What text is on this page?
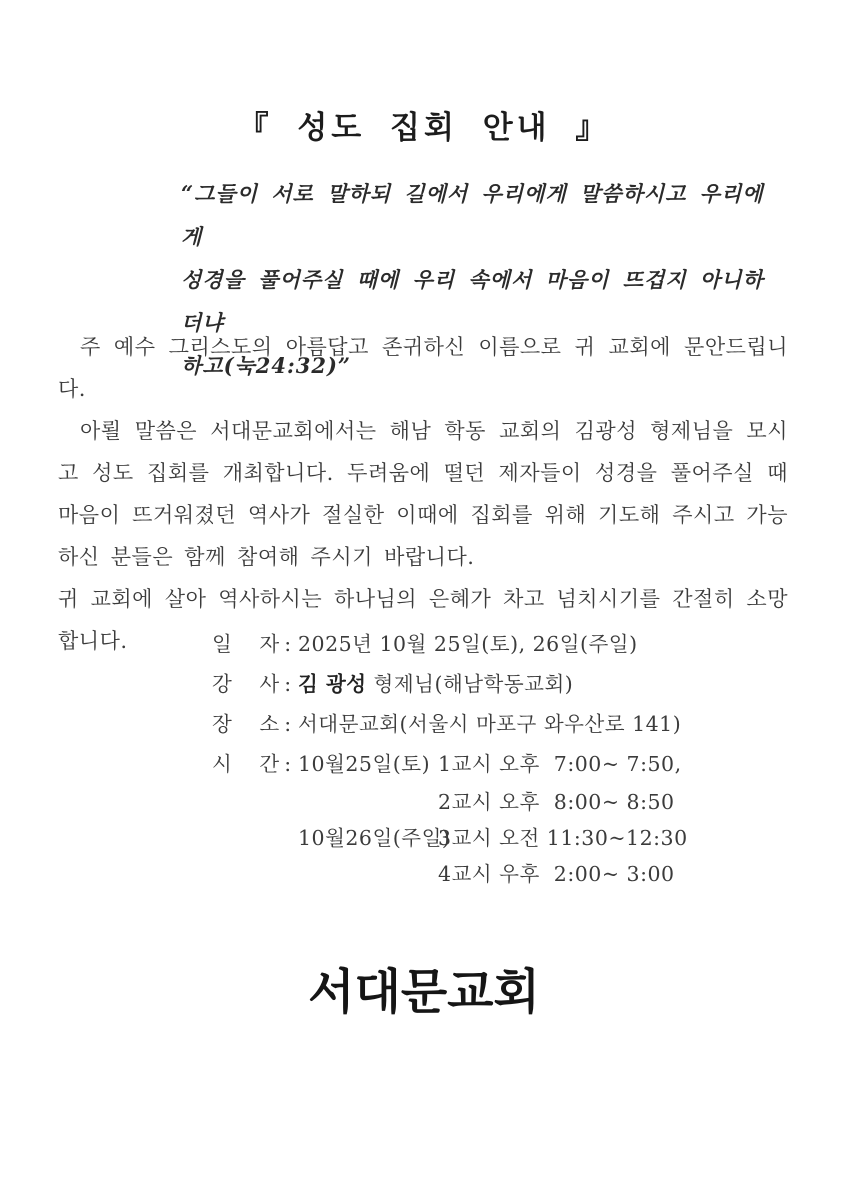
『 성도 집회 안내 』

“그들이 서로 말하되 길에서 우리에게 말씀하시고 우리에게

성경을 풀어주실 때에 우리 속에서 마음이 뜨겁지 아니하더냐

하고(눅24:32)”

주 예수 그리스도의 아름답고 존귀하신 이름으로 귀 교회에 문안드립니다.

아뢸 말씀은 서대문교회에서는 해남 학동 교회의 김광성 형제님을 모시고 성도 집회를 개최합니다. 두려움에 떨던 제자들이 성경을 풀어주실 때 마음이 뜨거워졌던 역사가 절실한 이때에 집회를 위해 기도해 주시고 가능하신 분들은 함께 참여해 주시기 바랍니다.

귀 교회에 살아 역사하시는 하나님의 은혜가 차고 넘치시기를 간절히 소망합니다.	일 자 : 2025년 10월 25일(토), 26일(주일)
강 사 : 김 광성 형제님(해남학동교회)
장 소 : 서대문교회(서울시 마포구 와우산로 141)
시 간 : 10월25일(토) 1교시 오후  7:00~ 7:50,
2교시 오후  8:00~ 8:50
10월26일(주일)3교시 오전 11:30~12:30
4교시 우후  2:00~ 3:00
서대문교회
